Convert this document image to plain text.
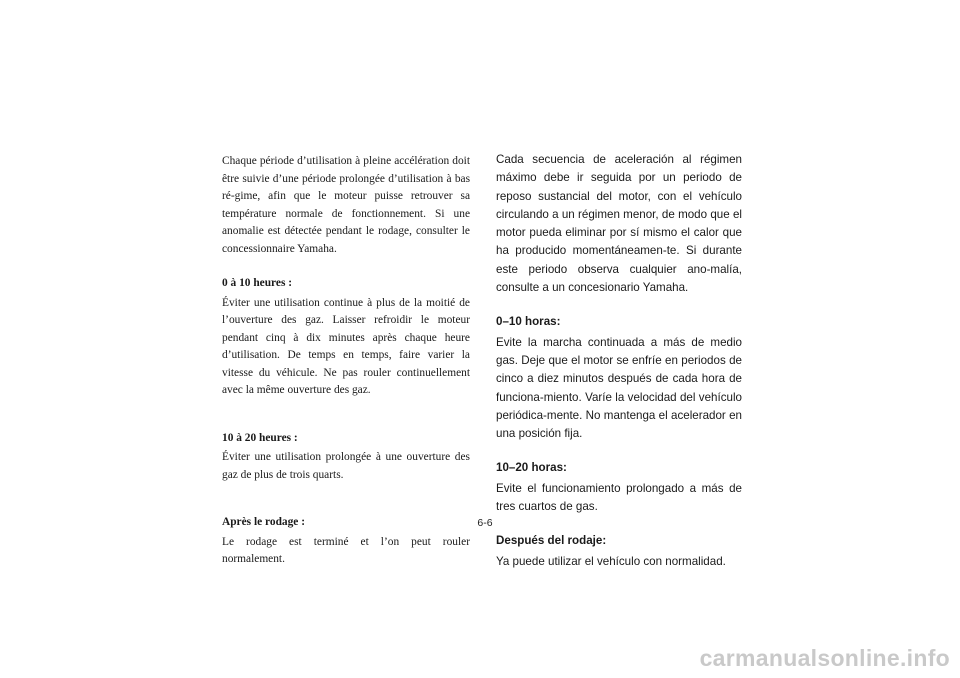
Chaque période d’utilisation à pleine accélération doit être suivie d’une période prolongée d’utilisation à bas ré-gime, afin que le moteur puisse retrouver sa température normale de fonctionnement. Si une anomalie est détectée pendant le rodage, consulter le concessionnaire Yamaha.

0 à 10 heures :

Éviter une utilisation continue à plus de la moitié de l’ouverture des gaz. Laisser refroidir le moteur pendant cinq à dix minutes après chaque heure d’utilisation. De temps en temps, faire varier la vitesse du véhicule. Ne pas rouler continuellement avec la même ouverture des gaz.

10 à 20 heures :

Éviter une utilisation prolongée à une ouverture des gaz de plus de trois quarts.

Après le rodage :

Le rodage est terminé et l’on peut rouler normalement.

Cada secuencia de aceleración al régimen máximo debe ir seguida por un periodo de reposo sustancial del motor, con el vehículo circulando a un régimen menor, de modo que el motor pueda eliminar por sí mismo el calor que ha producido momentáneamen-te. Si durante este periodo observa cualquier ano-malía, consulte a un concesionario Yamaha.

0–10 horas:

Evite la marcha continuada a más de medio gas. Deje que el motor se enfríe en periodos de cinco a diez minutos después de cada hora de funciona-miento. Varíe la velocidad del vehículo periódica-mente. No mantenga el acelerador en una posición fija.

10–20 horas:

Evite el funcionamiento prolongado a más de tres cuartos de gas.

Después del rodaje:

Ya puede utilizar el vehículo con normalidad.

6-6
carmanualsonline.info
